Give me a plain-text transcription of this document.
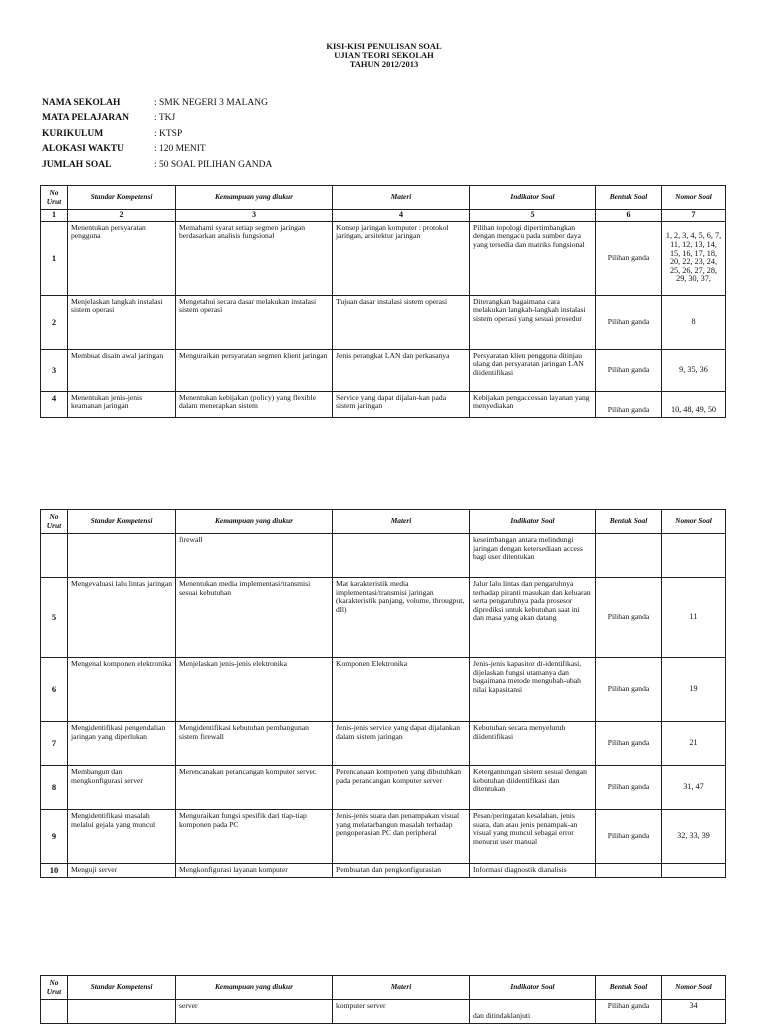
KISI-KISI PENULISAN SOAL
UJIAN TEORI SEKOLAH
TAHUN 2012/2013
NAMA SEKOLAH	: SMK NEGERI 3 MALANG
MATA PELAJARAN	: TKJ
KURIKULUM	: KTSP
ALOKASI WAKTU	: 120 MENIT
JUMLAH SOAL	: 50 SOAL PILIHAN GANDA
No Urut	Standar Kompetensi	Kemampuan yang diukur	Materi	Indikator Soal	Bentuk Soal	Nomor Soal
1	2	3	4	5	6	7
1	Menentukan persyaratan pengguna	Memahami syarat setiap segmen jaringan berdasarkan analisis fungsional	Konsep jaringan komputer : protokol jaringan, arsitektur jaringan	Pilihan topologi dipertimbangkan dengan mengacu pada sumber daya yang tersedia dan matriks fungsional	Pilihan ganda	1, 2, 3, 4, 5, 6, 7, 11, 12, 13, 14, 15, 16, 17, 18, 20, 22, 23, 24, 25, 26, 27, 28, 29, 30, 37,
2	Menjelaskan langkah instalasi sistem operasi	Mengetahui secara dasar melakukan instalasi sistem operasi	Tujuan dasar instalasi sistem operasi	Diterangkan bagaimana cara melakukan langkah-langkah instalasi sistem operasi yang sesuai prosedur	Pilihan ganda	8
3	Membuat disain awal jaringan	Menguraikan persyaratan segmen klient jaringan	Jenis perangkat LAN dan perkasanya	Persyaratan klien pengguna ditinjau ulang dan persyaratan jaringan LAN diidentifikasi	Pilihan ganda	9, 35, 36
4	Menentukan jenis-jenis keamanan jaringan	Menentukan kebijakan (policy) yang flexible dalam menerapkan sistem	Service yang dapat dijalan-kan pada sistem jaringan	Kebijakan pengaccessan layanan yang menyediakan	Pilihan ganda	10, 48, 49, 50
No Urut	Standar Kompetensi	Kemampuan yang diukur	Materi	Indikator Soal	Bentuk Soal	Nomor Soal
		firewall		keseimbangan antara melindungi jaringan dengan ketersediaan access bagi user ditentukan		
5	Mengevaluasi lalu lintas jaringan	Menentukan media implementasi/transmisi sesuai kebutuhan	Mat karakteristik media implementasi/transmisi jaringan (karakteristik panjang, volume, througput, dll)	Jalur lalu lintas dan pengaruhnya terhadap piranti masukan dan keluaran serta pengaruhnya pada prosesor diprediksi untuk kebutuhan saat ini dan masa yang akan datang	Pilihan ganda	11
6	Mengenal komponen elektronika	Menjelaskan jenis-jenis elektronika	Komponen Elektronika	Jenis-jenis kapasitor di-identifikasi, dijelaskan fungsi utamanya dan bagaimana metode mengubah-ubah nilai kapasitansi	Pilihan ganda	19
7	Mengidentifikasi pengendalian jaringan yang diperlukan	Mengidentifikasi kebutuhan pembangunan sistem firewall	Jenis-jenis service yang dapat dijalankan dalam sistem jaringan	Kebutuhan secara menyeluruh diidentifikasi	Pilihan ganda	21
8	Membangun dan mengkonfigurasi server	Merencanakan perancangan komputer server.	Perencanaan komponen yang dibutuhkan pada perancangan komputer server	Ketergantungan sistem sesuai dengan kebutuhan diidentifikasi dan ditentukan	Pilihan ganda	31, 47
9	Mengidentifikasi masalah melalui gejala yang muncul	Menguraikan fungsi spesifik dari tiap-tiap komponen pada PC	Jenis-jenis suara dan penampakan visual yang melatarbangun masalah terhadap pengoperasian PC dan peripheral	Pesan/peringatan kesalahan, jenis suara, dan atau jenis penampak-an visual yang muncul sebagai error menurut user manual	Pilihan ganda	32, 33, 39
10	Menguji server	Mengkonfigurasi layanan komputer	Pembuatan dan pengkonfigurasian	Informasi diagnostik dianalisis		
No Urut	Standar Kompetensi	Kemampuan yang diukur	Materi	Indikator Soal	Bentuk Soal	Nomor Soal
		server	komputer server	dan ditindaklanjuti	Pilihan ganda	34
